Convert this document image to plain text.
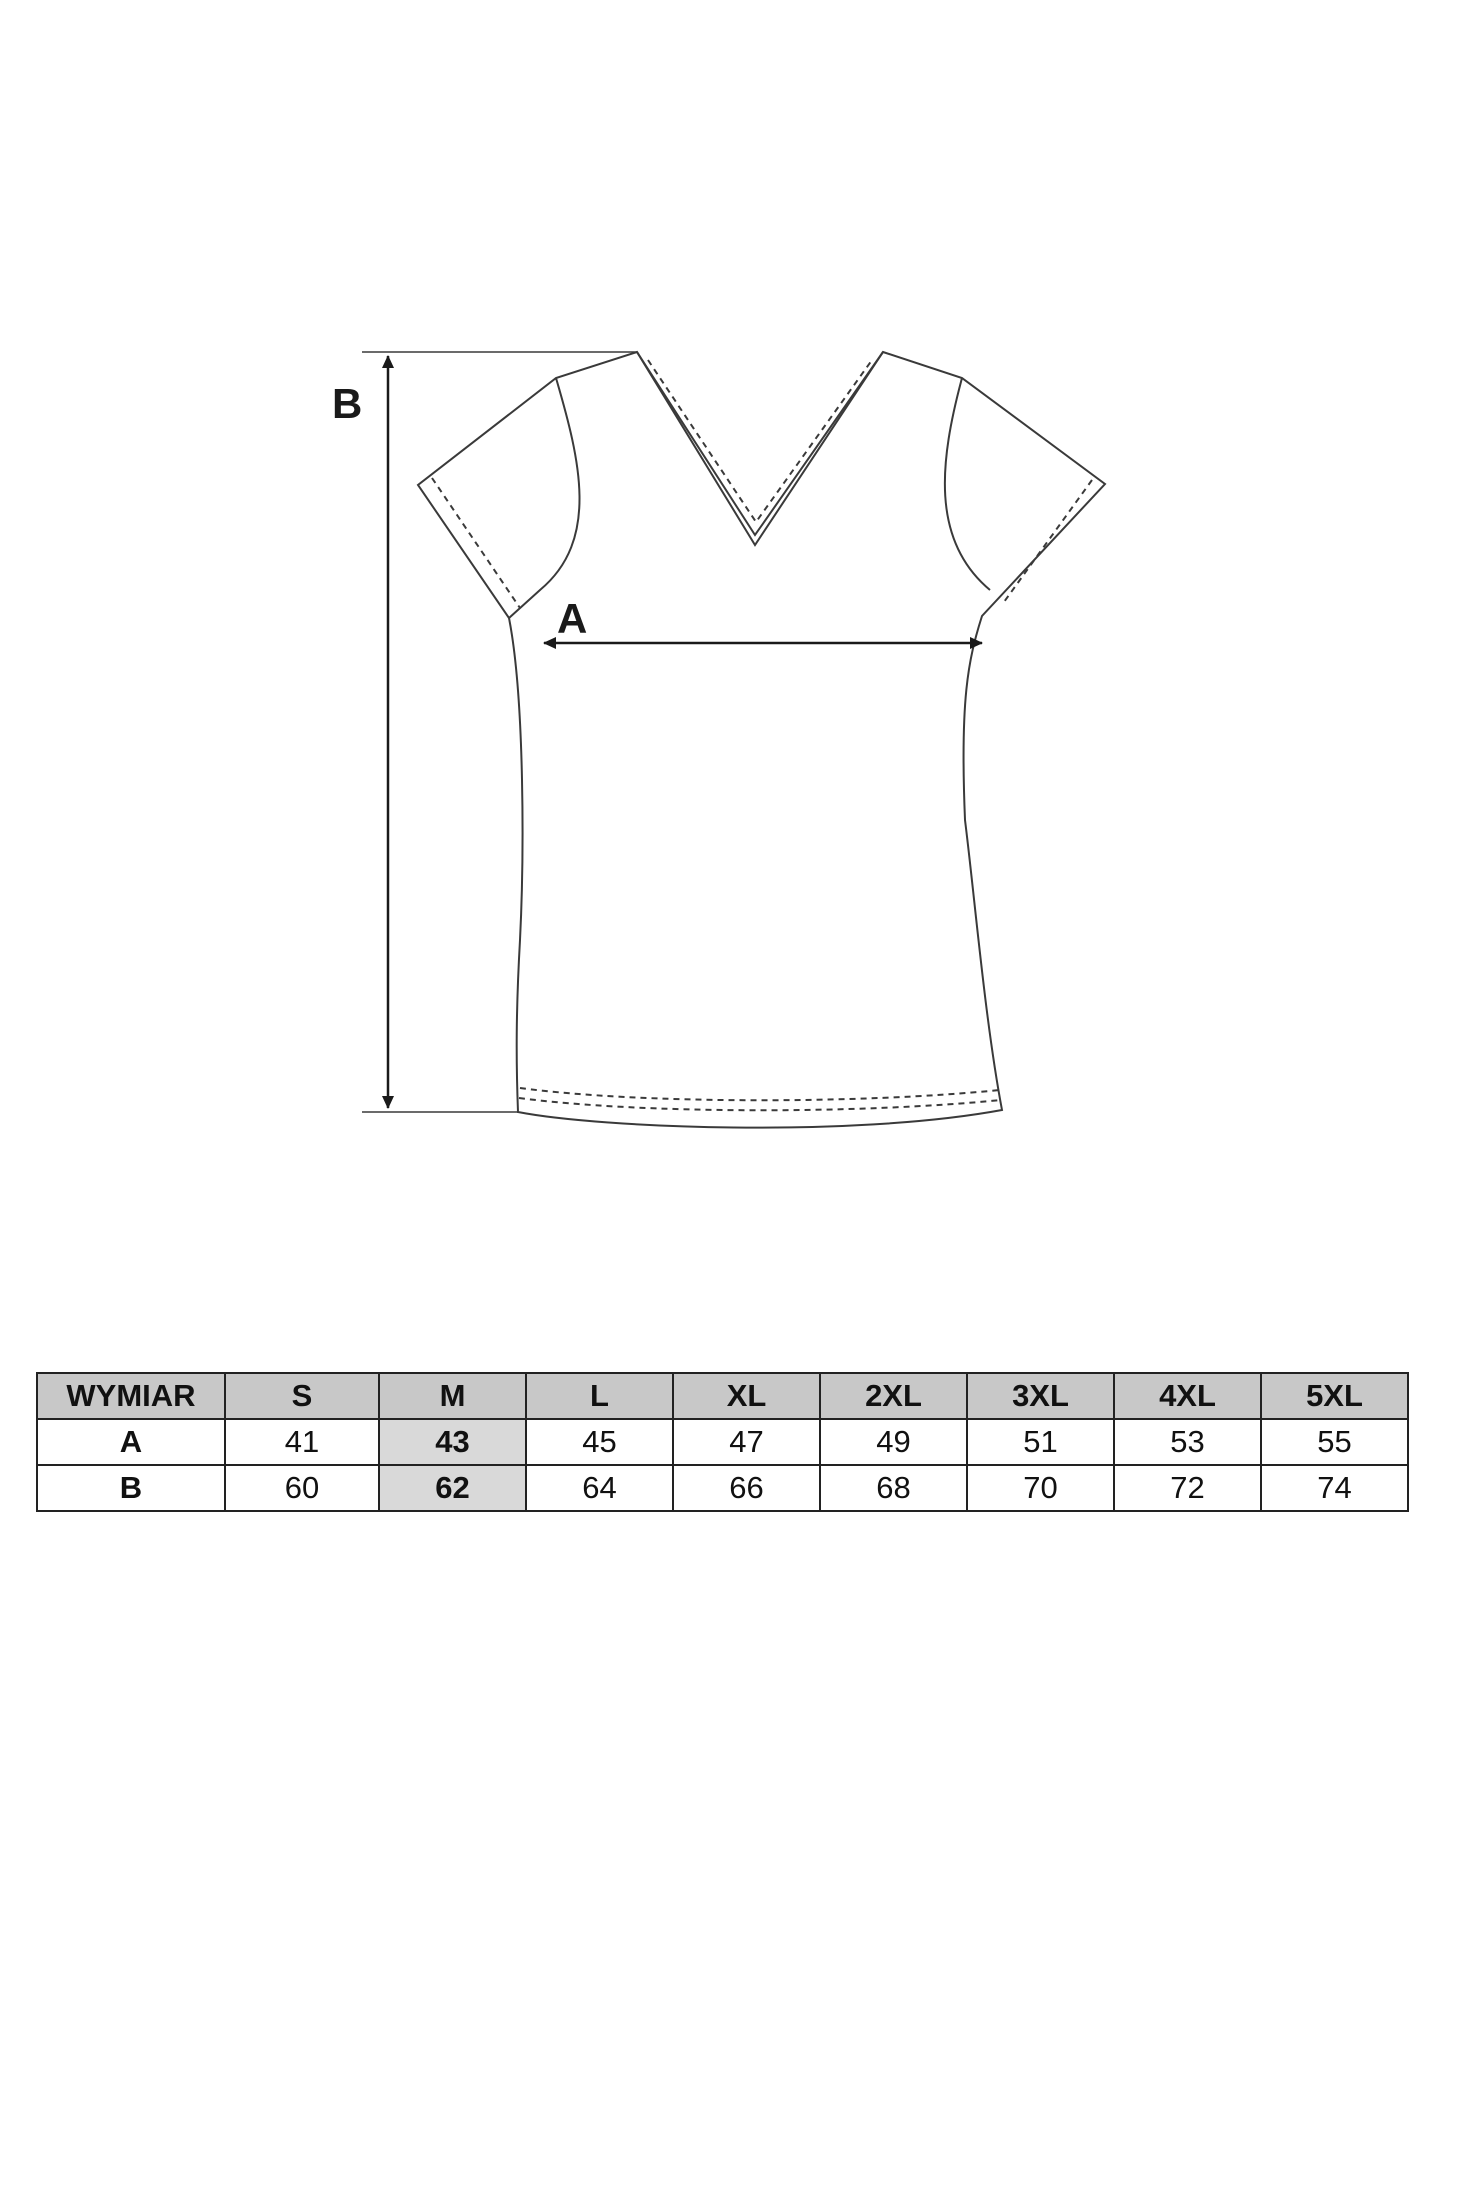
A
B
WYMIAR	S	M	L	XL	2XL	3XL	4XL	5XL
A	41	43	45	47	49	51	53	55
B	60	62	64	66	68	70	72	74
